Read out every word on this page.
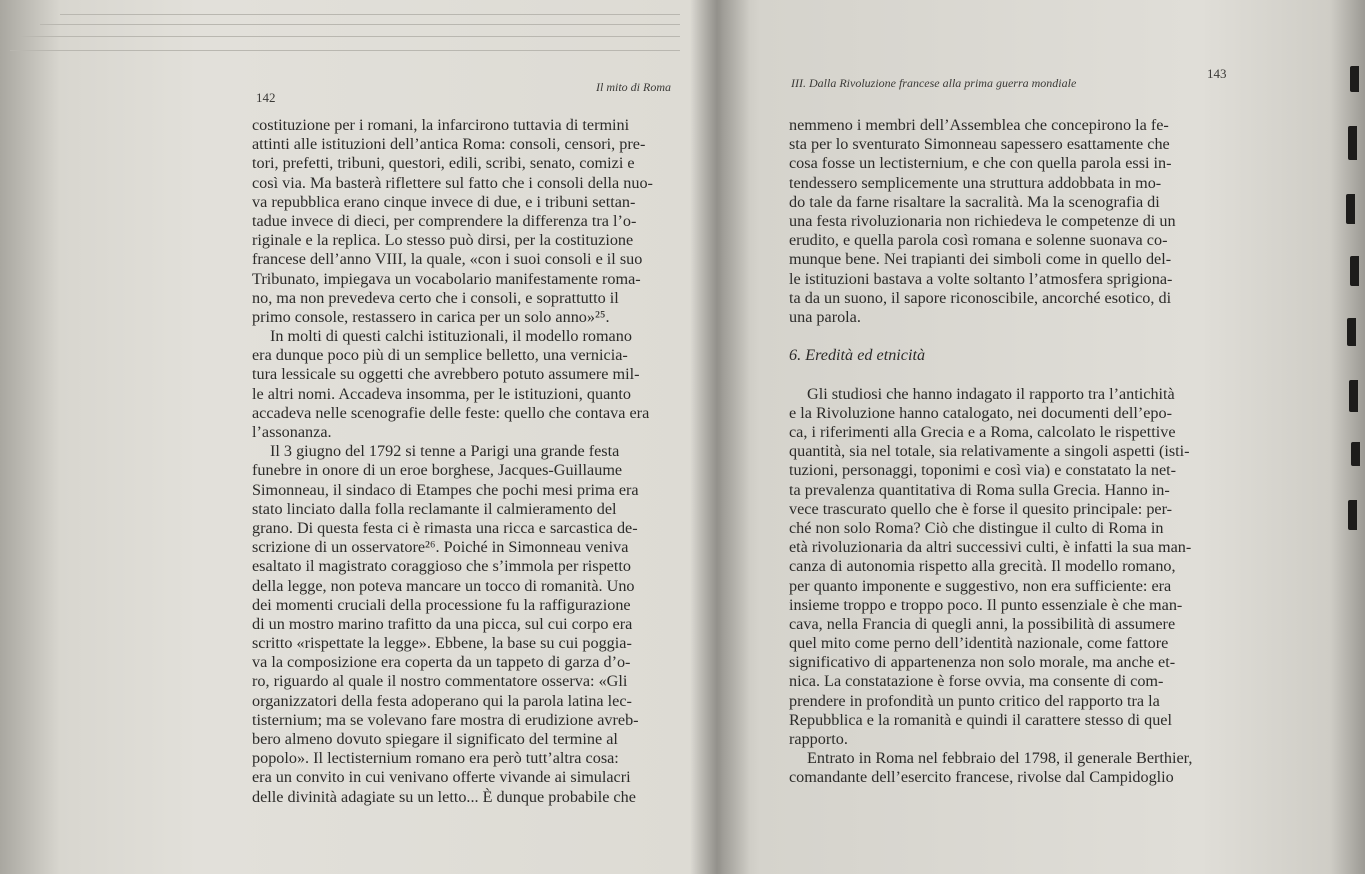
142
Il mito di Roma
costituzione per i romani, la infarcirono tuttavia di termini
attinti alle istituzioni dell’antica Roma: consoli, censori, pre-
tori, prefetti, tribuni, questori, edili, scribi, senato, comizi e
così via. Ma basterà riflettere sul fatto che i consoli della nuo-
va repubblica erano cinque invece di due, e i tribuni settan-
tadue invece di dieci, per comprendere la differenza tra l’o-
riginale e la replica. Lo stesso può dirsi, per la costituzione
francese dell’anno VIII, la quale, «con i suoi consoli e il suo
Tribunato, impiegava un vocabolario manifestamente roma-
no, ma non prevedeva certo che i consoli, e soprattutto il
primo console, restassero in carica per un solo anno»²⁵.
In molti di questi calchi istituzionali, il modello romano
era dunque poco più di un semplice belletto, una vernicia-
tura lessicale su oggetti che avrebbero potuto assumere mil-
le altri nomi. Accadeva insomma, per le istituzioni, quanto
accadeva nelle scenografie delle feste: quello che contava era
l’assonanza.
Il 3 giugno del 1792 si tenne a Parigi una grande festa
funebre in onore di un eroe borghese, Jacques-Guillaume
Simonneau, il sindaco di Etampes che pochi mesi prima era
stato linciato dalla folla reclamante il calmieramento del
grano. Di questa festa ci è rimasta una ricca e sarcastica de-
scrizione di un osservatore²⁶. Poiché in Simonneau veniva
esaltato il magistrato coraggioso che s’immola per rispetto
della legge, non poteva mancare un tocco di romanità. Uno
dei momenti cruciali della processione fu la raffigurazione
di un mostro marino trafitto da una picca, sul cui corpo era
scritto «rispettate la legge». Ebbene, la base su cui poggia-
va la composizione era coperta da un tappeto di garza d’o-
ro, riguardo al quale il nostro commentatore osserva: «Gli
organizzatori della festa adoperano qui la parola latina lec-
tisternium; ma se volevano fare mostra di erudizione avreb-
bero almeno dovuto spiegare il significato del termine al
popolo». Il lectisternium romano era però tutt’altra cosa:
era un convito in cui venivano offerte vivande ai simulacri
delle divinità adagiate su un letto... È dunque probabile che
III. Dalla Rivoluzione francese alla prima guerra mondiale
143
nemmeno i membri dell’Assemblea che concepirono la fe-
sta per lo sventurato Simonneau sapessero esattamente che
cosa fosse un lectisternium, e che con quella parola essi in-
tendessero semplicemente una struttura addobbata in mo-
do tale da farne risaltare la sacralità. Ma la scenografia di
una festa rivoluzionaria non richiedeva le competenze di un
erudito, e quella parola così romana e solenne suonava co-
munque bene. Nei trapianti dei simboli come in quello del-
le istituzioni bastava a volte soltanto l’atmosfera sprigiona-
ta da un suono, il sapore riconoscibile, ancorché esotico, di
una parola.
6. Eredità ed etnicità
Gli studiosi che hanno indagato il rapporto tra l’antichità
e la Rivoluzione hanno catalogato, nei documenti dell’epo-
ca, i riferimenti alla Grecia e a Roma, calcolato le rispettive
quantità, sia nel totale, sia relativamente a singoli aspetti (isti-
tuzioni, personaggi, toponimi e così via) e constatato la net-
ta prevalenza quantitativa di Roma sulla Grecia. Hanno in-
vece trascurato quello che è forse il quesito principale: per-
ché non solo Roma? Ciò che distingue il culto di Roma in
età rivoluzionaria da altri successivi culti, è infatti la sua man-
canza di autonomia rispetto alla grecità. Il modello romano,
per quanto imponente e suggestivo, non era sufficiente: era
insieme troppo e troppo poco. Il punto essenziale è che man-
cava, nella Francia di quegli anni, la possibilità di assumere
quel mito come perno dell’identità nazionale, come fattore
significativo di appartenenza non solo morale, ma anche et-
nica. La constatazione è forse ovvia, ma consente di com-
prendere in profondità un punto critico del rapporto tra la
Repubblica e la romanità e quindi il carattere stesso di quel
rapporto.
Entrato in Roma nel febbraio del 1798, il generale Berthier,
comandante dell’esercito francese, rivolse dal Campidoglio
